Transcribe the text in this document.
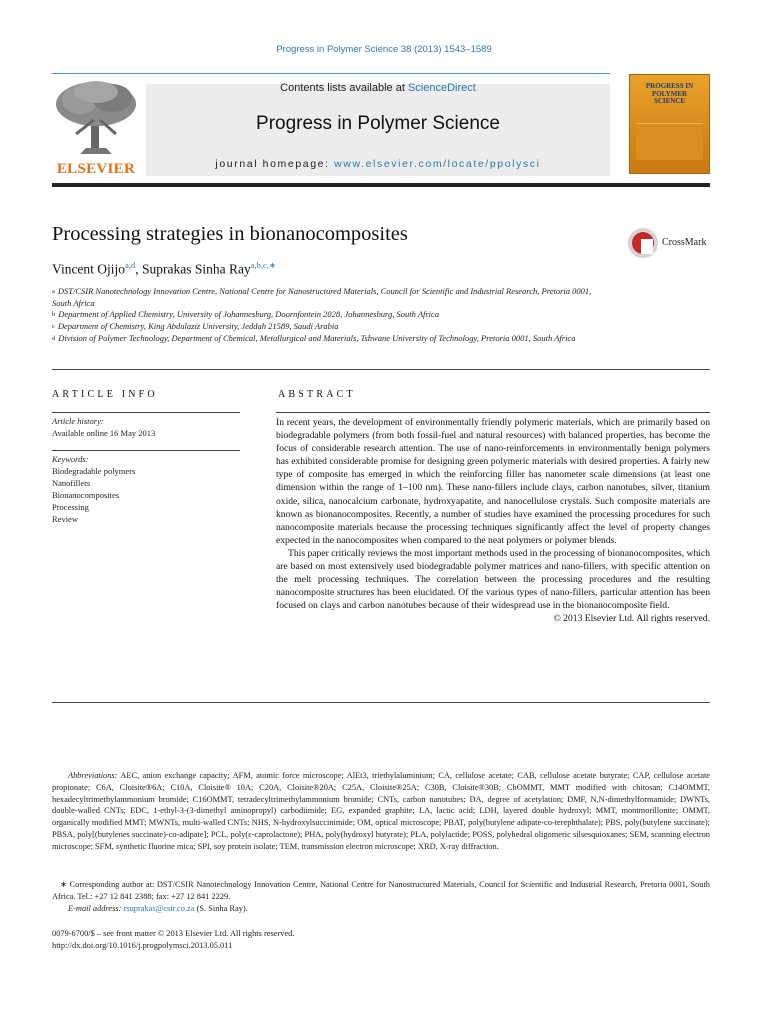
Progress in Polymer Science 38 (2013) 1543–1589
ELSEVIER
Contents lists available at ScienceDirect
Progress in Polymer Science
journal homepage: www.elsevier.com/locate/ppolysci
PROGRESS IN
POLYMER
SCIENCE
Processing strategies in bionanocomposites	CrossMark
Vincent Ojijo$^{a,d}$, Suprakas Sinha Ray$^{a,b,c,∗}$
$^a$ DST/CSIR Nanotechnology Innovation Centre, National Centre for Nanostructured Materials, Council for Scientific and Industrial Research, Pretoria 0001, South Africa
$^b$ Department of Applied Chemistry, University of Johannesburg, Doornfontein 2028, Johannesburg, South Africa
$^c$ Department of Chemistry, King Abdulaziz University, Jeddah 21589, Saudi Arabia
$^d$ Division of Polymer Technology, Department of Chemical, Metallurgical and Materials, Tshwane University of Technology, Pretoria 0001, South Africa
ARTICLE INFO
Article history:
Available online 16 May 2013
Keywords:
Biodegradable polymers
Nanofillers
Bionanocomposites
Processing
Review
ABSTRACT

In recent years, the development of environmentally friendly polymeric materials, which are primarily based on biodegradable polymers (from both fossil-fuel and natural resources) with balanced properties, has become the focus of considerable research attention. The use of nano-reinforcements in environmentally benign polymers has exhibited considerable promise for designing green polymeric materials with desired properties. A fairly new type of composite has emerged in which the reinforcing filler has nanometer scale dimensions (at least one dimension within the range of 1–100 nm). These nano-fillers include clays, carbon nanotubes, silver, titanium oxide, silica, nanocalcium carbonate, hydroxyapatite, and nanocellulose crystals. Such composite materials are known as bionanocomposites. Recently, a number of studies have examined the processing procedures for such nanocomposite materials because the processing techniques significantly affect the level of property changes expected in the nanocomposites when compared to the neat polymers or polymer blends.

This paper critically reviews the most important methods used in the processing of bionanocomposites, which are based on most extensively used biodegradable polymer matrices and nano-fillers, with specific attention on the melt processing techniques. The correlation between the processing procedures and the resulting nanocomposite structures has been elucidated. Of the various types of nano-fillers, particular attention has been focused on clays and carbon nanotubes because of their widespread use in the bionanocomposite field.

© 2013 Elsevier Ltd. All rights reserved.

Abbreviations: AEC, anion exchange capacity; AFM, atomic force microscope; AlEt3, triethylaluminium; CA, cellulose acetate; CAB, cellulose acetate butyrate; CAP, cellulose acetate propionate; C6A, Cloisite®6A; C10A, Cloisite® 10A; C20A, Cloisite®20A; C25A, Cloisite®25A; C30B, Cloisite®30B; ChOMMT, MMT modified with chitosan; C14OMMT, hexadecyltrimethylammonium bromide; C16OMMT, tetradecyltrimethylammonium bromide; CNTs, carbon nanotubes; DA, degree of acetylation; DMF, N,N-dimethylformamide; DWNTs, double-walled CNTs; EDC, 1-ethyl-3-(3-dimethyl aminopropyl) carbodiimide; EG, expanded graphite; LA, lactic acid; LDH, layered double hydroxyl; MMT, montmorillonite; OMMT, organically modified MMT; MWNTs, multi-walled CNTs; NHS, N-hydroxylsuccinimide; OM, optical microscope; PBAT, poly(butylene adipate-co-terephthalate); PBS, poly(butylene succinate); PBSA, poly[(butylenes succinate)-co-adipate]; PCL, poly(ε-caprolactone); PHA, poly(hydroxyl butyrate); PLA, polylactide; POSS, polyhedral oligomeric silsesquioxanes; SEM, scanning electron microscope; SFM, synthetic fluorine mica; SPI, soy protein isolate; TEM, transmission electron microscope; XRD, X-ray diffraction.
∗ Corresponding author at: DST/CSIR Nanotechnology Innovation Centre, National Centre for Nanostructured Materials, Council for Scientific and Industrial Research, Pretoria 0001, South Africa. Tel.: +27 12 841 2388; fax: +27 12 841 2229.
E-mail address: rsuprakas@csir.co.za (S. Sinha Ray).
0079-6700/$ – see front matter © 2013 Elsevier Ltd. All rights reserved.
http://dx.doi.org/10.1016/j.progpolymsci.2013.05.011
